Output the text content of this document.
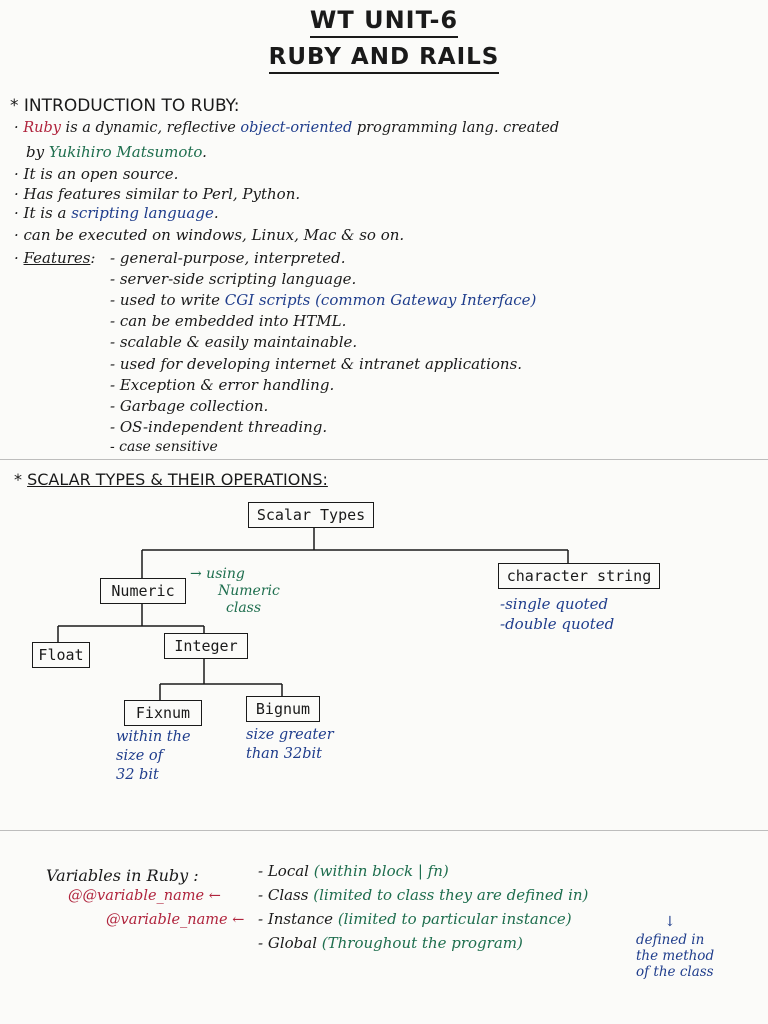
WT UNIT-6
RUBY AND RAILS
* INTRODUCTION TO RUBY:
· Ruby is a dynamic, reflective object-oriented programming lang. created
by Yukihiro Matsumoto.
· It is an open source.
· Has features similar to Perl, Python.
· It is a scripting language.
· can be executed on windows, Linux, Mac & so on.
· Features: - general-purpose, interpreted.
- server-side scripting language.
- used to write CGI scripts (common Gateway Interface)
- can be embedded into HTML.
- scalable & easily maintainable.
- used for developing internet & intranet applications.
- Exception & error handling.
- Garbage collection.
- OS-independent threading.
- case sensitive
* SCALAR TYPES & THEIR OPERATIONS:
Scalar Types
Numeric
→ using
Numeric
class
character string
-single quoted
-double quoted
Float	Integer
Fixnum	Bignum
within the
size of
32 bit
size greater
than 32bit
Variables in Ruby :
@@variable_name ←
@variable_name ←
- Local (within block | fn)
- Class (limited to class they are defined in)
- Instance (limited to particular instance)
- Global (Throughout the program)
↓
defined in
the method
of the class
